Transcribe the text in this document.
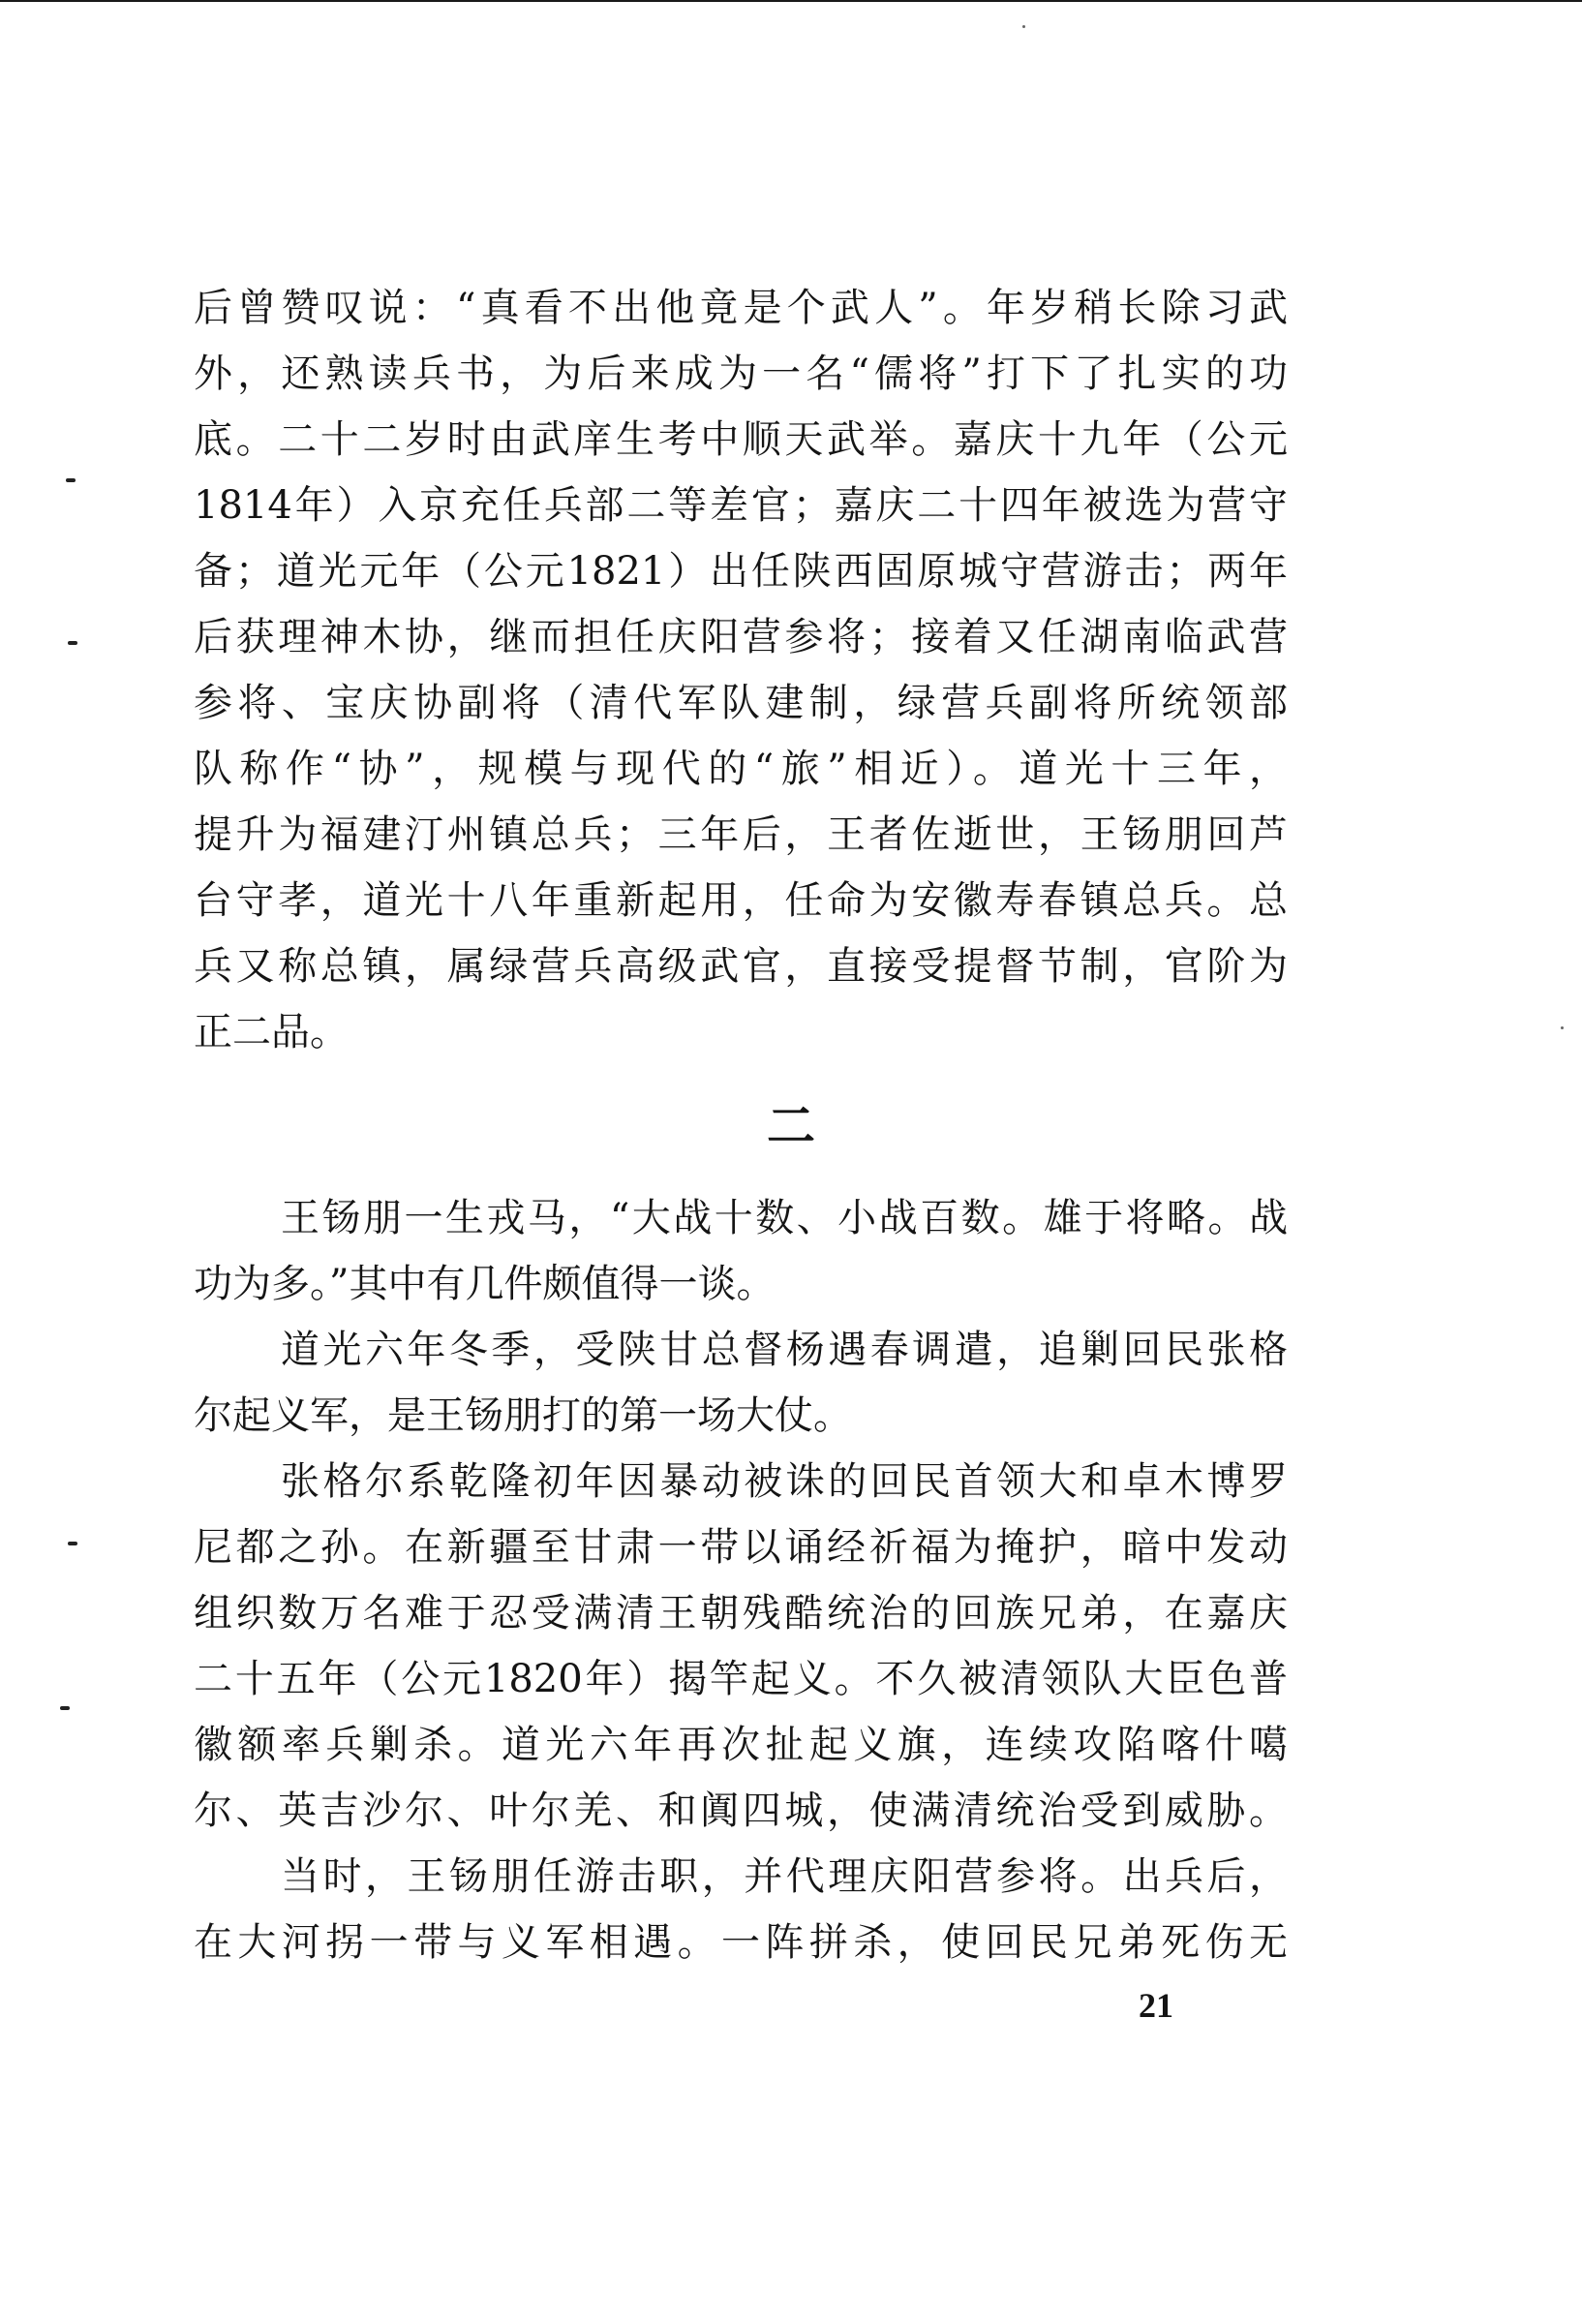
后曾赞叹说：“真看不出他竟是个武人”。年岁稍长除习武
外，还熟读兵书，为后来成为一名“儒将”打下了扎实的功
底。二十二岁时由武庠生考中顺天武举。嘉庆十九年（公元
1814年）入京充任兵部二等差官；嘉庆二十四年被选为营守
备；道光元年（公元1821）出任陕西固原城守营游击；两年
后获理神木协，继而担任庆阳营参将；接着又任湖南临武营
参将、宝庆协副将（清代军队建制，绿营兵副将所统领部
队称作“协”，规模与现代的“旅”相近）。道光十三年，
提升为福建汀州镇总兵；三年后，王者佐逝世，王钖朋回芦
台守孝，道光十八年重新起用，任命为安徽寿春镇总兵。总
兵又称总镇，属绿营兵高级武官，直接受提督节制，官阶为
正二品。
二
王钖朋一生戎马，“大战十数、小战百数。雄于将略。战
功为多。”其中有几件颇值得一谈。
道光六年冬季，受陕甘总督杨遇春调遣，追剿回民张格
尔起义军，是王钖朋打的第一场大仗。
张格尔系乾隆初年因暴动被诛的回民首领大和卓木博罗
尼都之孙。在新疆至甘肃一带以诵经祈福为掩护，暗中发动
组织数万名难于忍受满清王朝残酷统治的回族兄弟，在嘉庆
二十五年（公元1820年）揭竿起义。不久被清领队大臣色普
徽额率兵剿杀。道光六年再次扯起义旗，连续攻陷喀什噶
尔、英吉沙尔、叶尔羌、和阗四城，使满清统治受到威胁。
当时，王钖朋任游击职，并代理庆阳营参将。出兵后，
在大河拐一带与义军相遇。一阵拼杀，使回民兄弟死伤无
21
